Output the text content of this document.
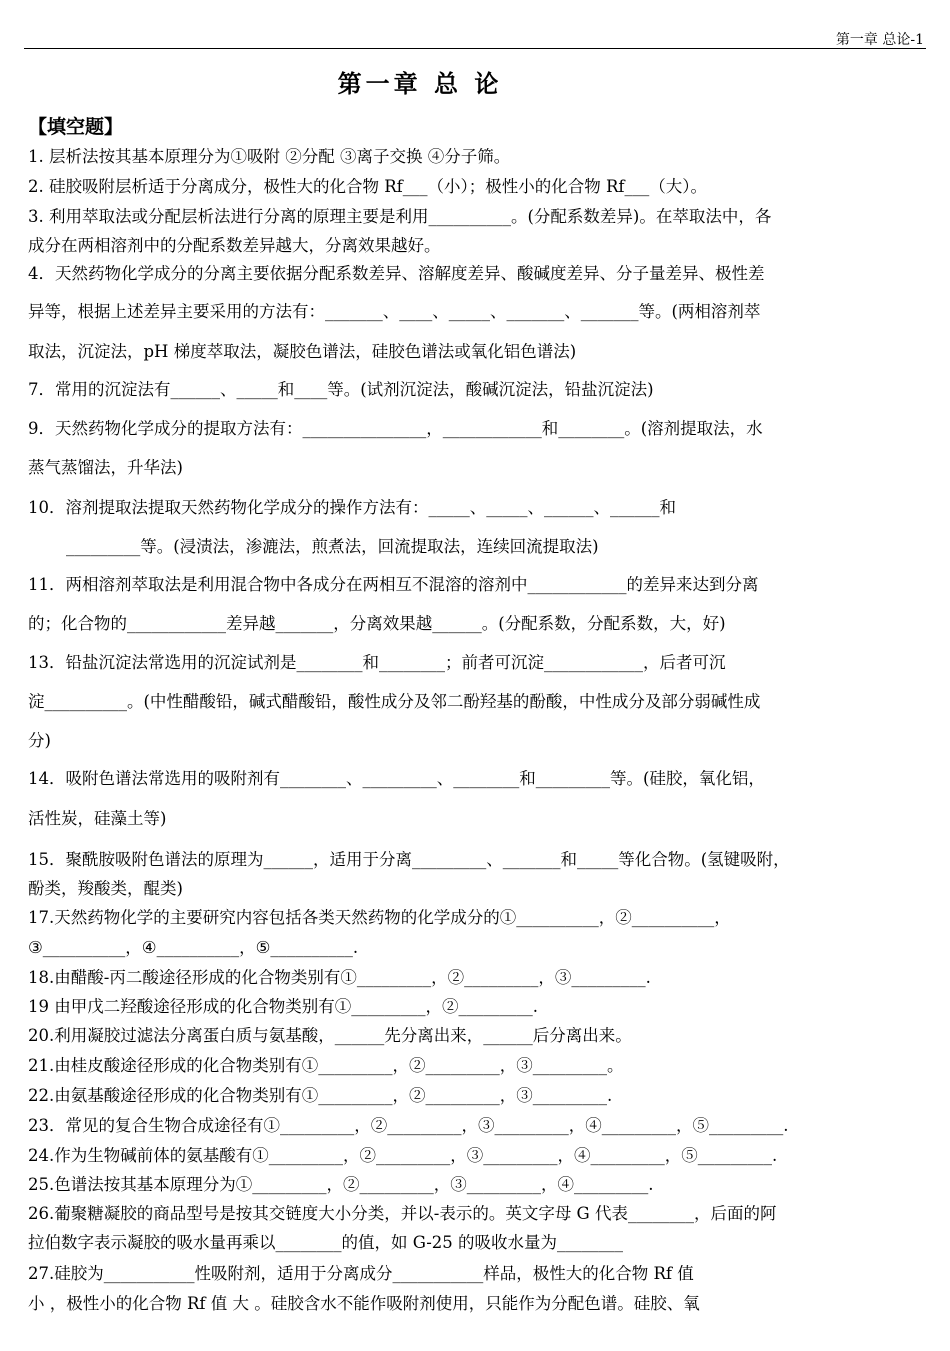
第一章 总论-1
第一章 总 论
【填空题】
1. 层析法按其基本原理分为①吸附 ②分配 ③离子交换 ④分子筛。
2. 硅胶吸附层析适于分离成分，极性大的化合物 Rf___（小）；极性小的化合物 Rf___（大）。
3. 利用萃取法或分配层析法进行分离的原理主要是利用__________。(分配系数差异)。在萃取法中，各
成分在两相溶剂中的分配系数差异越大，分离效果越好。
4．天然药物化学成分的分离主要依据分配系数差异、溶解度差异、酸碱度差异、分子量差异、极性差
异等，根据上述差异主要采用的方法有：_______、____、_____、_______、_______等。(两相溶剂萃
取法，沉淀法，pH 梯度萃取法，凝胶色谱法，硅胶色谱法或氧化铝色谱法)
7．常用的沉淀法有______、_____和____等。(试剂沉淀法，酸碱沉淀法，铅盐沉淀法)
9．天然药物化学成分的提取方法有：_______________，____________和________。(溶剂提取法，水
蒸气蒸馏法，升华法)
10．溶剂提取法提取天然药物化学成分的操作方法有：_____、_____、______、______和
_________等。(浸渍法，渗漉法，煎煮法，回流提取法，连续回流提取法)
11．两相溶剂萃取法是利用混合物中各成分在两相互不混溶的溶剂中____________的差异来达到分离
的；化合物的____________差异越_______，分离效果越______。(分配系数，分配系数，大，好)
13．铅盐沉淀法常选用的沉淀试剂是________和________；前者可沉淀____________，后者可沉
淀__________。(中性醋酸铅，碱式醋酸铅，酸性成分及邻二酚羟基的酚酸，中性成分及部分弱碱性成
分)
14．吸附色谱法常选用的吸附剂有________、_________、________和_________等。(硅胶，氧化铝，
活性炭，硅藻土等)
15．聚酰胺吸附色谱法的原理为______，适用于分离_________、_______和_____等化合物。(氢键吸附，
酚类，羧酸类，醌类)
17.天然药物化学的主要研究内容包括各类天然药物的化学成分的①__________，②__________，
③__________，④__________，⑤__________.
18.由醋酸-丙二酸途径形成的化合物类别有①_________，②_________，③_________.
19 由甲戊二羟酸途径形成的化合物类别有①_________，②_________.
20.利用凝胶过滤法分离蛋白质与氨基酸，______先分离出来，______后分离出来。
21.由桂皮酸途径形成的化合物类别有①_________，②_________，③_________。
22.由氨基酸途径形成的化合物类别有①_________，②_________，③_________.
23．常见的复合生物合成途径有①_________，②_________，③_________，④_________，⑤_________.
24.作为生物碱前体的氨基酸有①_________，②_________，③_________，④_________，⑤_________.
25.色谱法按其基本原理分为①_________，②_________，③_________，④_________.
26.葡聚糖凝胶的商品型号是按其交链度大小分类，并以-表示的。英文字母 G 代表________，后面的阿
拉伯数字表示凝胶的吸水量再乘以________的值，如 G-25 的吸收水量为________
27.硅胶为___________性吸附剂，适用于分离成分___________样品，极性大的化合物 Rf 值
小 ，极性小的化合物 Rf 值 大 。硅胶含水不能作吸附剂使用，只能作为分配色谱。硅胶、氧
